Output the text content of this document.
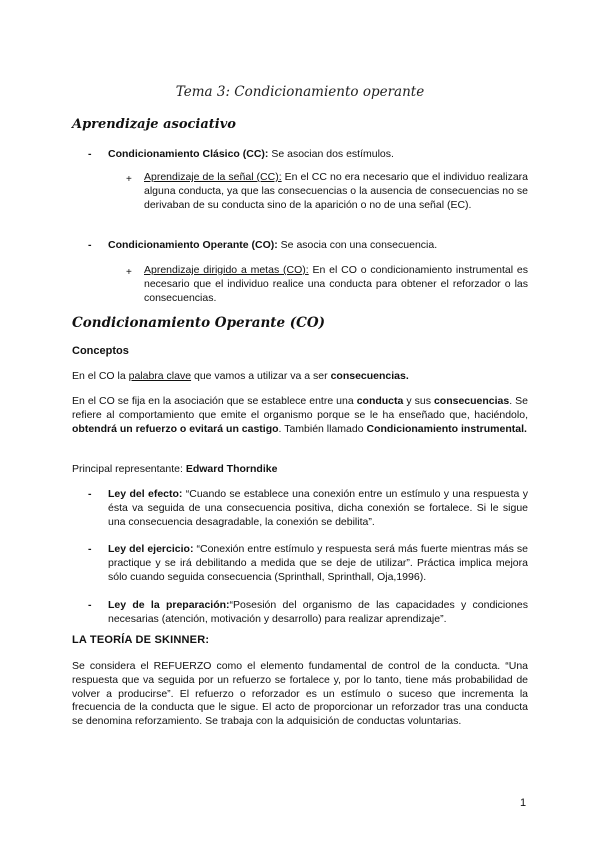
Tema 3: Condicionamiento operante
Aprendizaje asociativo
- Condicionamiento Clásico (CC): Se asocian dos estímulos.
+ Aprendizaje de la señal (CC): En el CC no era necesario que el individuo realizara alguna conducta, ya que las consecuencias o la ausencia de consecuencias no se derivaban de su conducta sino de la aparición o no de una señal (EC).
- Condicionamiento Operante (CO): Se asocia con una consecuencia.
+ Aprendizaje dirigido a metas (CO): En el CO o condicionamiento instrumental es necesario que el individuo realice una conducta para obtener el reforzador o las consecuencias.
Condicionamiento Operante (CO)
Conceptos
En el CO la palabra clave que vamos a utilizar va a ser consecuencias.
En el CO se fija en la asociación que se establece entre una conducta y sus consecuencias. Se refiere al comportamiento que emite el organismo porque se le ha enseñado que, haciéndolo, obtendrá un refuerzo o evitará un castigo. También llamado Condicionamiento instrumental.
Principal representante: Edward Thorndike
- Ley del efecto: “Cuando se establece una conexión entre un estímulo y una respuesta y ésta va seguida de una consecuencia positiva, dicha conexión se fortalece. Si le sigue una consecuencia desagradable, la conexión se debilita”.
- Ley del ejercicio: “Conexión entre estímulo y respuesta será más fuerte mientras más se practique y se irá debilitando a medida que se deje de utilizar”. Práctica implica mejora sólo cuando seguida consecuencia (Sprinthall, Sprinthall, Oja,1996).
- Ley de la preparación:“Posesión del organismo de las capacidades y condiciones necesarias (atención, motivación y desarrollo) para realizar aprendizaje”.
LA TEORÍA DE SKINNER:
Se considera el REFUERZO como el elemento fundamental de control de la conducta. “Una respuesta que va seguida por un refuerzo se fortalece y, por lo tanto, tiene más probabilidad de volver a producirse”. El refuerzo o reforzador es un estímulo o suceso que incrementa la frecuencia de la conducta que le sigue. El acto de proporcionar un reforzador tras una conducta se denomina reforzamiento. Se trabaja con la adquisición de conductas voluntarias.
1
